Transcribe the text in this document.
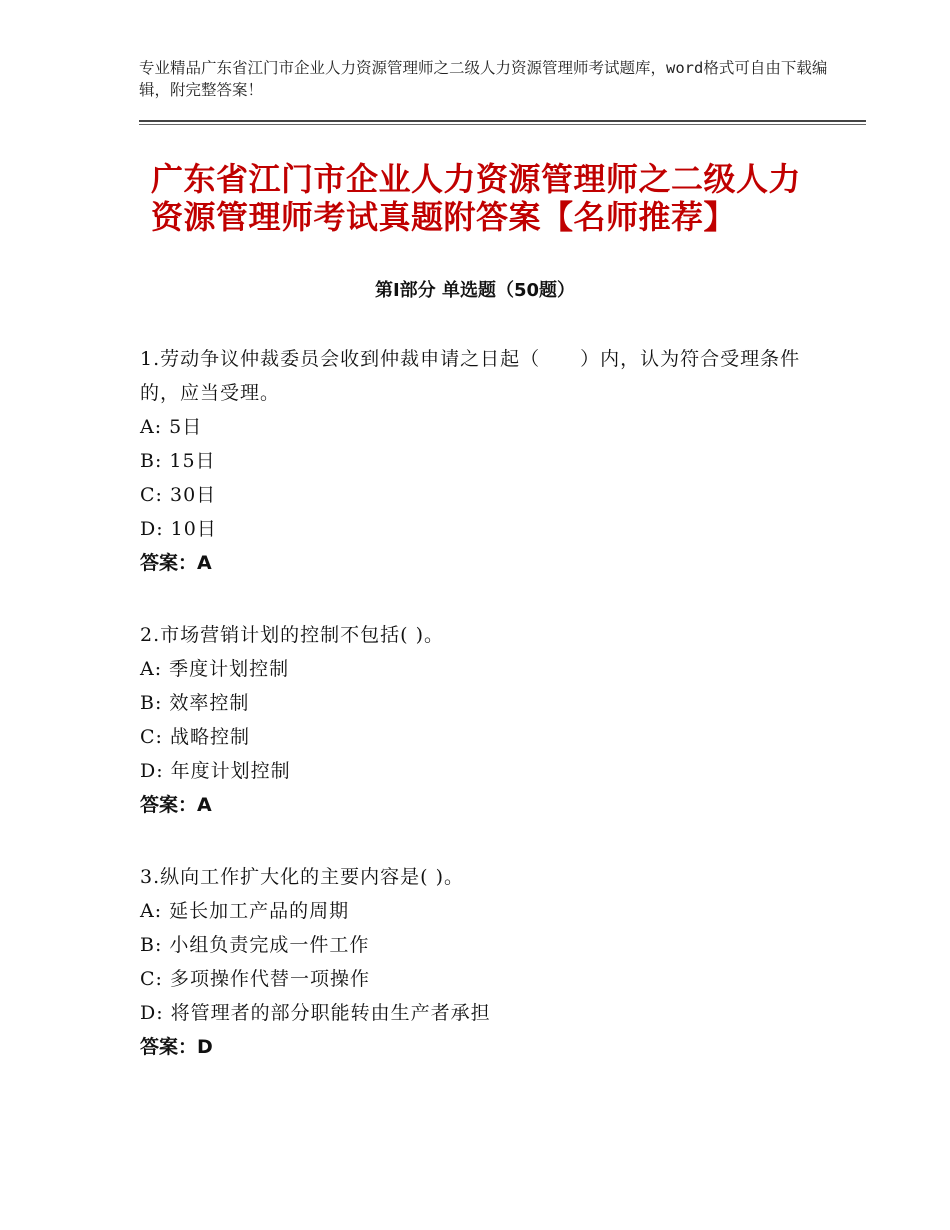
专业精品广东省江门市企业人力资源管理师之二级人力资源管理师考试题库，word格式可自由下载编辑，附完整答案！
广东省江门市企业人力资源管理师之二级人力资源管理师考试真题附答案【名师推荐】
第Ⅰ部分 单选题（50题）
1.劳动争议仲裁委员会收到仲裁申请之日起（　　）内，认为符合受理条件的，应当受理。
A: 5日
B: 15日
C: 30日
D: 10日
答案：A
2.市场营销计划的控制不包括( )。
A: 季度计划控制
B: 效率控制
C: 战略控制
D: 年度计划控制
答案：A
3.纵向工作扩大化的主要内容是( )。
A: 延长加工产品的周期
B: 小组负责完成一件工作
C: 多项操作代替一项操作
D: 将管理者的部分职能转由生产者承担
答案：D
